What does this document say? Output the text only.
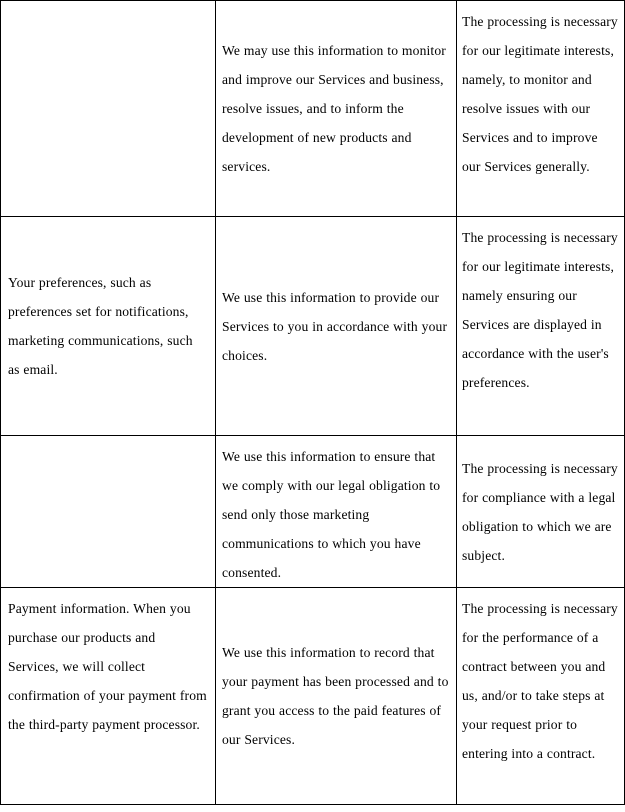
	We may use this information to monitor and improve our Services and business, resolve issues, and to inform the development of new products and services.	The processing is necessary for our legitimate interests, namely, to monitor and resolve issues with our Services and to improve our Services generally.

Your preferences, such as preferences set for notifications, marketing communications, such as email.	We use this information to provide our Services to you in accordance with your choices.	The processing is necessary for our legitimate interests, namely ensuring our Services are displayed in accordance with the user's preferences.

	We use this information to ensure that we comply with our legal obligation to send only those marketing communications to which you have consented.	The processing is necessary for compliance with a legal obligation to which we are subject.

Payment information. When you purchase our products and Services, we will collect confirmation of your payment from the third-party payment processor.	We use this information to record that your payment has been processed and to grant you access to the paid features of our Services.	The processing is necessary for the performance of a contract between you and us, and/or to take steps at your request prior to entering into a contract.
